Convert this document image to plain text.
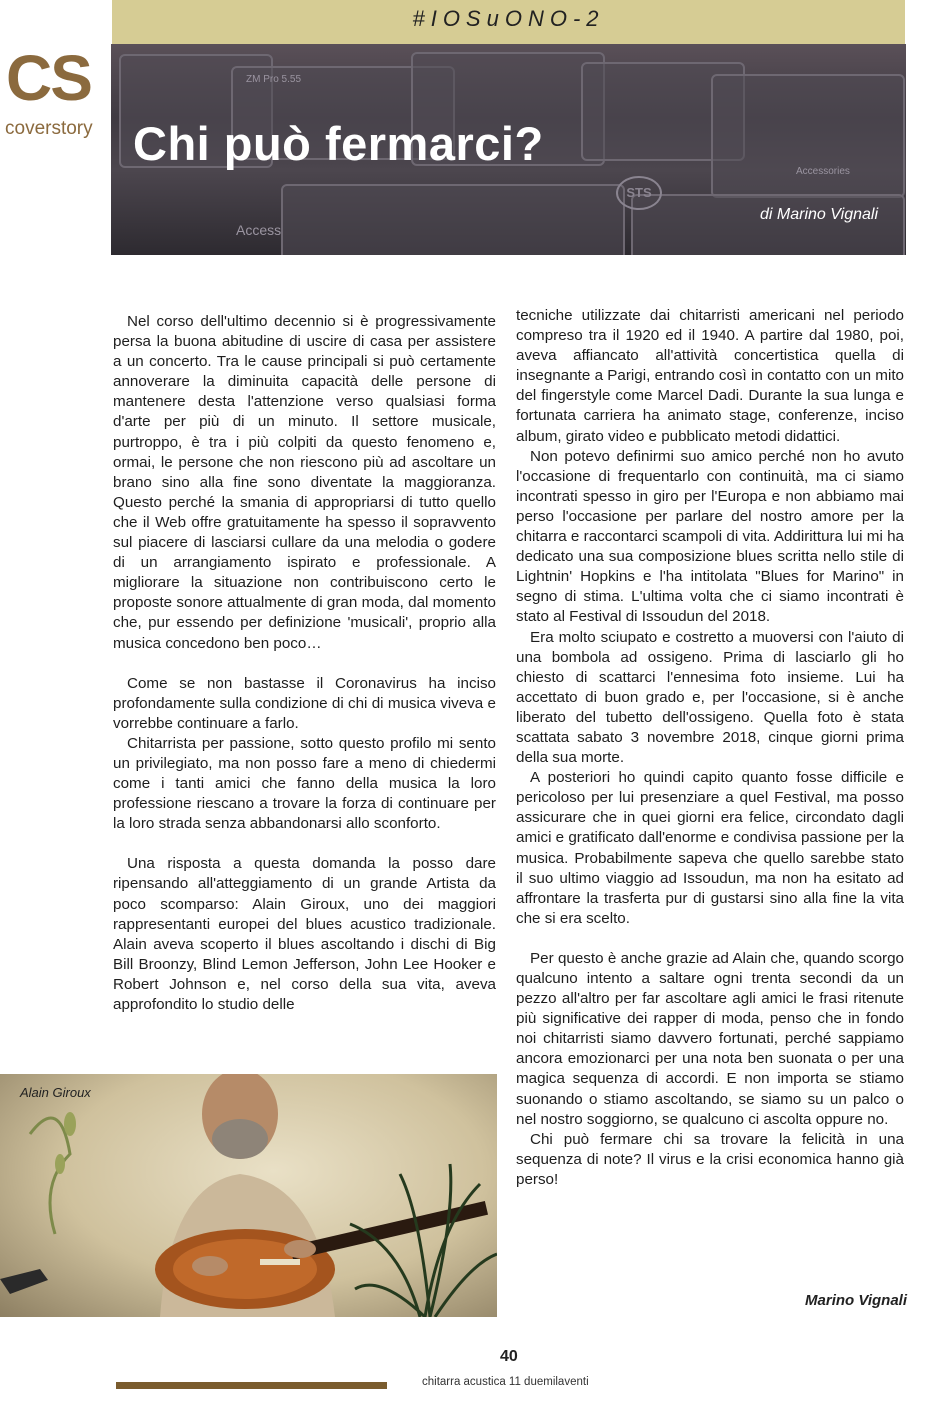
#IOSuONO-2
CS
coverstory
ZM Pro 5.55
Accessories
Access
STS
Chi può fermarci?
di Marino Vignali

Nel corso dell'ultimo decennio si è progressivamente persa la buona abitudine di uscire di casa per assistere a un concerto. Tra le cause principali si può certamente annoverare la diminuita capacità delle persone di mantenere desta l'attenzione verso qualsiasi forma d'arte per più di un minuto. Il settore musicale, purtroppo, è tra i più colpiti da questo fenomeno e, ormai, le persone che non riescono più ad ascoltare un brano sino alla fine sono diventate la maggioranza. Questo perché la smania di appropriarsi di tutto quello che il Web offre gratuitamente ha spesso il sopravvento sul piacere di lasciarsi cullare da una melodia o godere di un arrangiamento ispirato e professionale. A migliorare la situazione non contribuiscono certo le proposte sonore attualmente di gran moda, dal momento che, pur essendo per definizione 'musicali', proprio alla musica concedono ben poco…

Come se non bastasse il Coronavirus ha inciso profondamente sulla condizione di chi di musica viveva e vorrebbe continuare a farlo.

Chitarrista per passione, sotto questo profilo mi sento un privilegiato, ma non posso fare a meno di chiedermi come i tanti amici che fanno della musica la loro professione riescano a trovare la forza di continuare per la loro strada senza abbandonarsi allo sconforto.

Una risposta a questa domanda la posso dare ripensando all'atteggiamento di un grande Artista da poco scomparso: Alain Giroux, uno dei maggiori rappresentanti europei del blues acustico tradizionale. Alain aveva scoperto il blues ascoltando i dischi di Big Bill Broonzy, Blind Lemon Jefferson, John Lee Hooker e Robert Johnson e, nel corso della sua vita, aveva approfondito lo studio delle

tecniche utilizzate dai chitarristi americani nel periodo compreso tra il 1920 ed il 1940. A partire dal 1980, poi, aveva affiancato all'attività concertistica quella di insegnante a Parigi, entrando così in contatto con un mito del fingerstyle come Marcel Dadi. Durante la sua lunga e fortunata carriera ha animato stage, conferenze, inciso album, girato video e pubblicato metodi didattici.

Non potevo definirmi suo amico perché non ho avuto l'occasione di frequentarlo con continuità, ma ci siamo incontrati spesso in giro per l'Europa e non abbiamo mai perso l'occasione per parlare del nostro amore per la chitarra e raccontarci scampoli di vita. Addirittura lui mi ha dedicato una sua composizione blues scritta nello stile di Lightnin' Hopkins e l'ha intitolata "Blues for Marino" in segno di stima. L'ultima volta che ci siamo incontrati è stato al Festival di Issoudun del 2018.

Era molto sciupato e costretto a muoversi con l'aiuto di una bombola ad ossigeno. Prima di lasciarlo gli ho chiesto di scattarci l'ennesima foto insieme. Lui ha accettato di buon grado e, per l'occasione, si è anche liberato del tubetto dell'ossigeno. Quella foto è stata scattata sabato 3 novembre 2018, cinque giorni prima della sua morte.

A posteriori ho quindi capito quanto fosse difficile e pericoloso per lui presenziare a quel Festival, ma posso assicurare che in quei giorni era felice, circondato dagli amici e gratificato dall'enorme e condivisa passione per la musica. Probabilmente sapeva che quello sarebbe stato il suo ultimo viaggio ad Issoudun, ma non ha esitato ad affrontare la trasferta pur di gustarsi sino alla fine la vita che si era scelto.

Per questo è anche grazie ad Alain che, quando scorgo qualcuno intento a saltare ogni trenta secondi da un pezzo all'altro per far ascoltare agli amici le frasi ritenute più significative dei rapper di moda, penso che in fondo noi chitarristi siamo davvero fortunati, perché sappiamo ancora emozionarci per una nota ben suonata o per una magica sequenza di accordi. E non importa se stiamo suonando o stiamo ascoltando, se siamo su un palco o nel nostro soggiorno, se qualcuno ci ascolta oppure no.

Chi può fermare chi sa trovare la felicità in una sequenza di note? Il virus e la crisi economica hanno già perso!

Alain Giroux
Marino Vignali
40
chitarra acustica 11 duemilaventi
